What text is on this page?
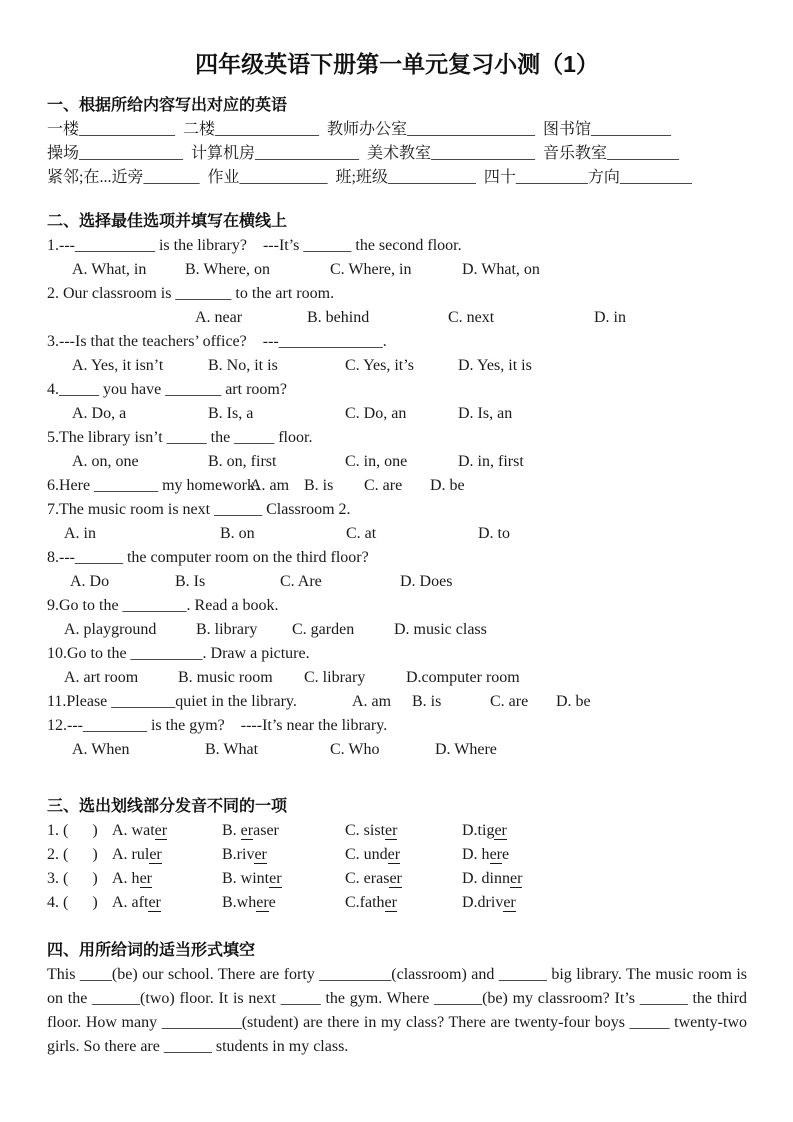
四年级英语下册第一单元复习小测（1）
一、根据所给内容写出对应的英语
一楼____________  二楼_____________  教师办公室________________  图书馆__________
操场_____________  计算机房_____________  美术教室_____________  音乐教室_________
紧邻;在...近旁_______  作业___________  班;班级___________  四十_________方向_________
二、选择最佳选项并填写在横线上
1.---__________ is the library?    ---It’s ______ the second floor.
A. What, in	B. Where, on	C. Where, in	D. What, on
2. Our classroom is _______ to the art room.
A. near	B. behind	C. next	D. in
3.---Is that the teachers’ office?    ---_____________.
A. Yes, it isn’t	B. No, it is	C. Yes, it’s	D. Yes, it is
4._____ you have _______ art room?
A. Do, a	B. Is, a	C. Do, an	D. Is, an
5.The library isn’t _____ the _____ floor.
A. on, one	B. on, first	C. in, one	D. in, first
6.Here ________ my homework.
A. am B. is	C. are	D. be
7.The music room is next ______ Classroom 2.
A. in	B. on	C. at	D. to
8.---______ the computer room on the third floor?
A. Do	B. Is	C. Are	D. Does
9.Go to the ________. Read a book.
A. playground	B. library	C. garden	D. music class
10.Go to the _________. Draw a picture.
A. art room	B. music room	C. library	D.computer room
11.Please ________quiet in the library.	A. am	B. is	C. are	D. be
12.---________ is the gym?    ----It’s near the library.
A. When	B. What	C. Who	D. Where
三、选出划线部分发音不同的一项
1. (      ) A. water	B. eraser	C. sister	D.tiger
2. (      ) A. ruler	B.river	C. under	D. here
3. (      ) A. her	B. winter	C. eraser	D. dinner
4. (      ) A. after	B.where	C.father	D.driver
四、用所给词的适当形式填空

This ____(be) our school. There are forty _________(classroom) and ______ big library. The music room is on the ______(two) floor. It is next _____ the gym. Where ______(be) my classroom? It’s ______ the third floor. How many __________(student) are there in my class? There are twenty-four boys _____ twenty-two girls. So there are ______ students in my class.
